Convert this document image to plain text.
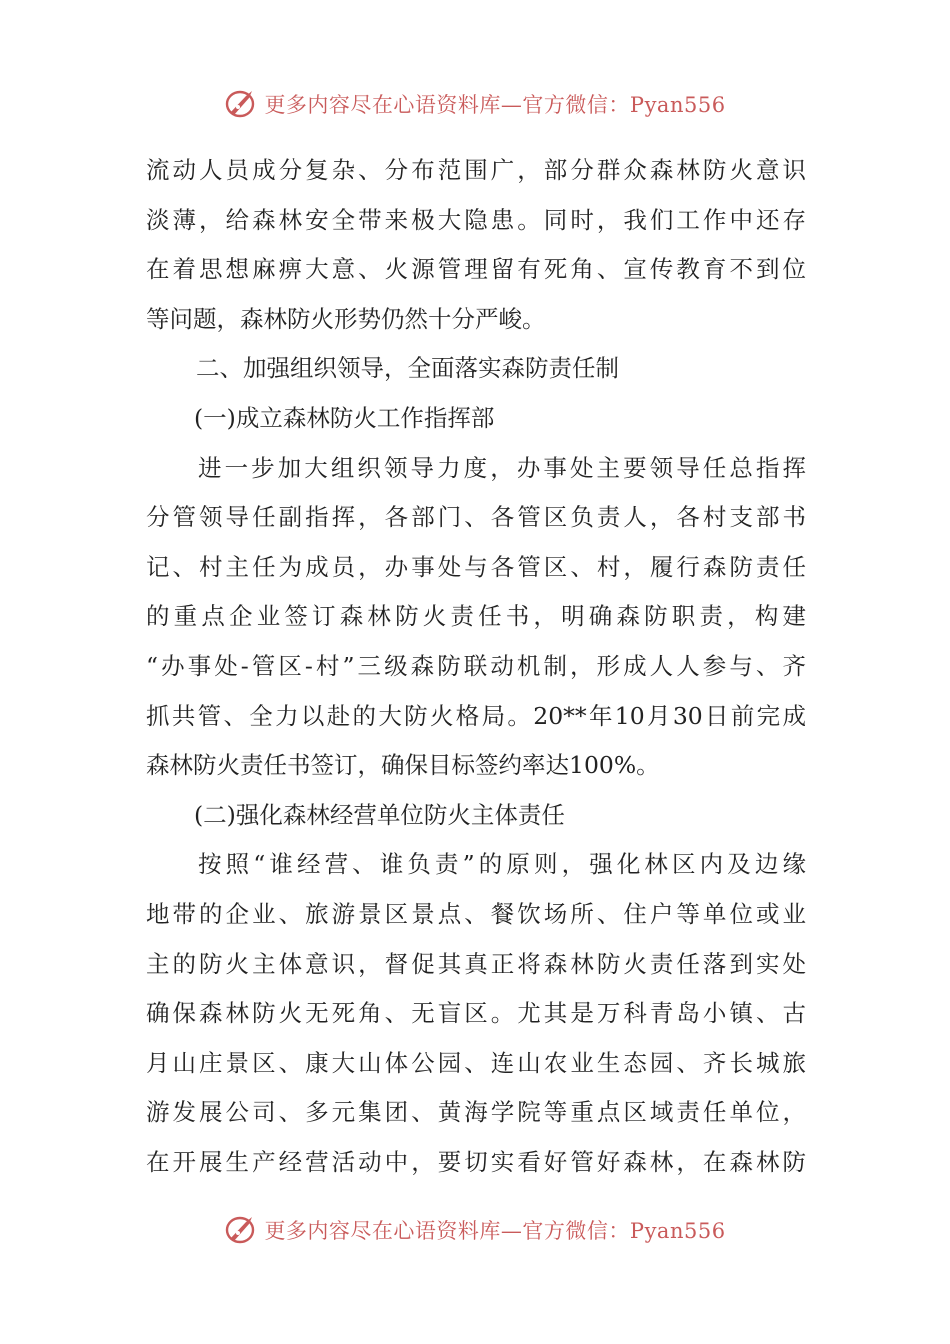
更多内容尽在心语资料库—官方微信：Pyan556
流动人员成分复杂、分布范围广，部分群众森林防火意识
淡薄，给森林安全带来极大隐患。同时，我们工作中还存
在着思想麻痹大意、火源管理留有死角、宣传教育不到位
等问题，森林防火形势仍然十分严峻。
二、加强组织领导，全面落实森防责任制
(一)成立森林防火工作指挥部
进一步加大组织领导力度，办事处主要领导任总指挥
分管领导任副指挥，各部门、各管区负责人，各村支部书
记、村主任为成员，办事处与各管区、村，履行森防责任
的重点企业签订森林防火责任书，明确森防职责，构建
“办事处-管区-村”三级森防联动机制，形成人人参与、齐
抓共管、全力以赴的大防火格局。20**年10月30日前完成
森林防火责任书签订，确保目标签约率达100%。
(二)强化森林经营单位防火主体责任
按照“谁经营、谁负责”的原则，强化林区内及边缘
地带的企业、旅游景区景点、餐饮场所、住户等单位或业
主的防火主体意识，督促其真正将森林防火责任落到实处
确保森林防火无死角、无盲区。尤其是万科青岛小镇、古
月山庄景区、康大山体公园、连山农业生态园、齐长城旅
游发展公司、多元集团、黄海学院等重点区域责任单位，
在开展生产经营活动中，要切实看好管好森林，在森林防
更多内容尽在心语资料库—官方微信：Pyan556
